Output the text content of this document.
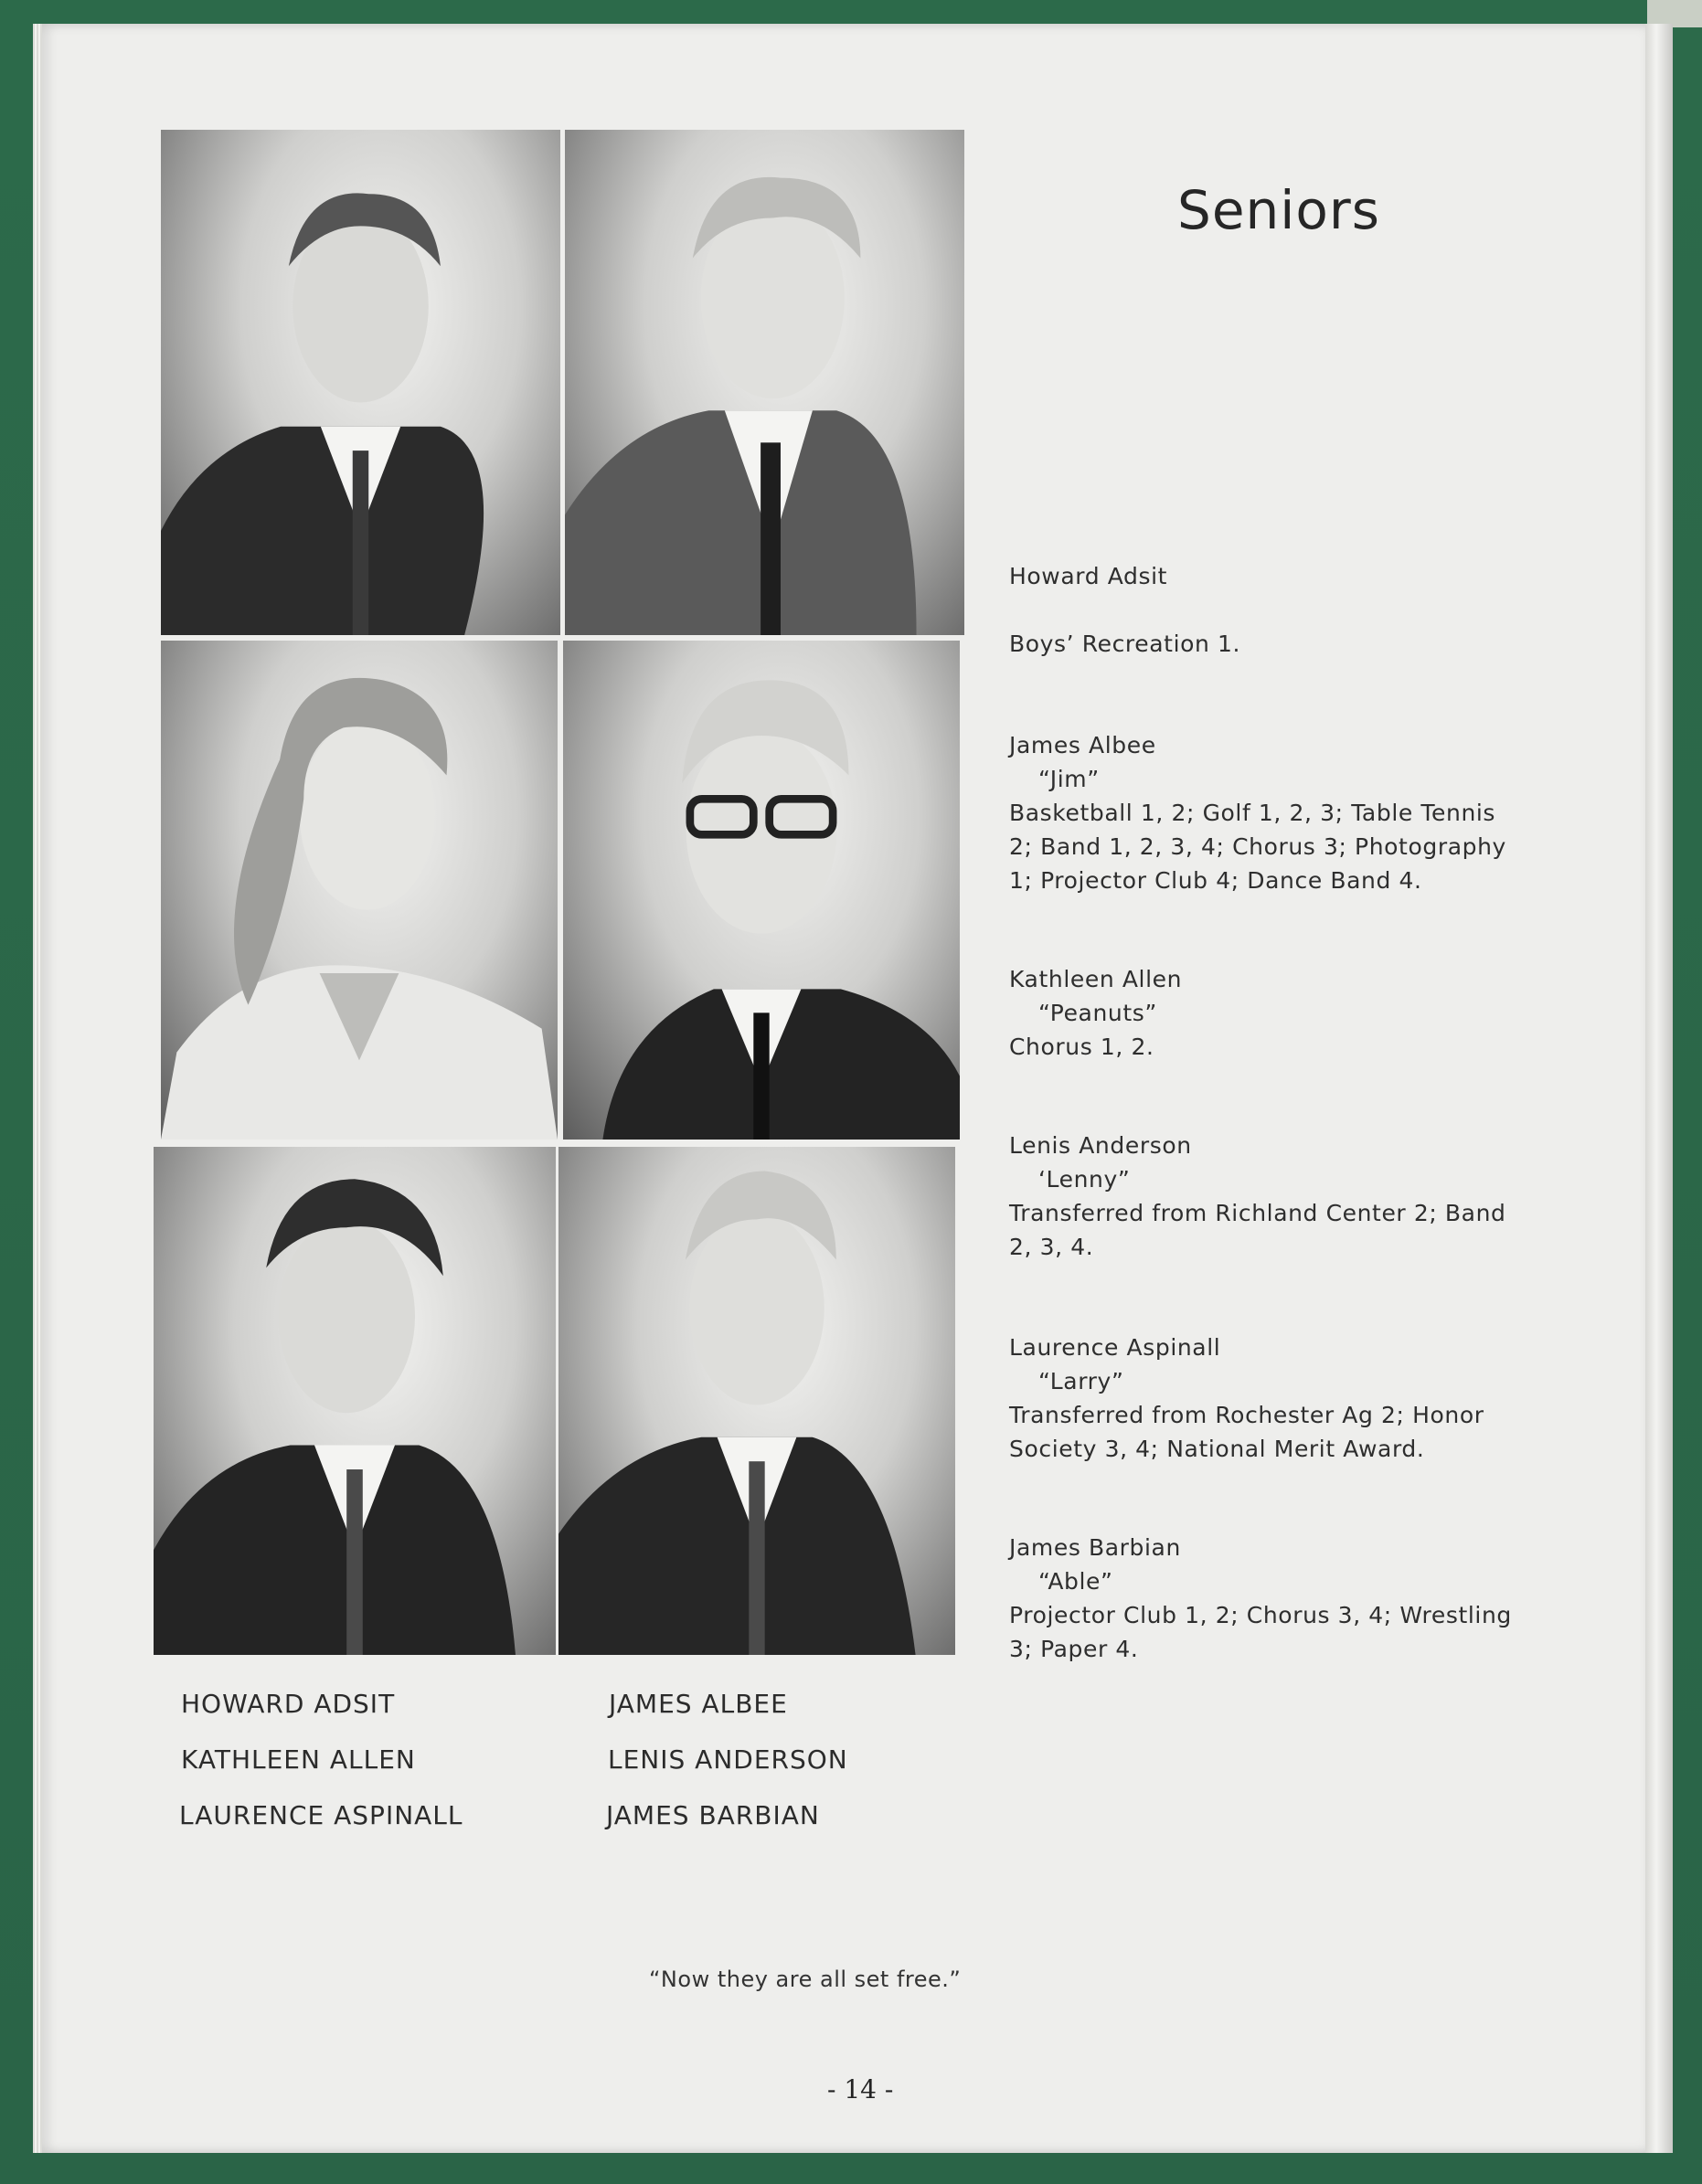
HOWARD ADSIT
KATHLEEN ALLEN
LAURENCE ASPINALL
JAMES ALBEE
LENIS ANDERSON
JAMES BARBIAN
Seniors
Howard Adsit
Boys’ Recreation 1.
James Albee
“Jim”
Basketball 1, 2; Golf 1, 2, 3; Table Tennis 2; Band 1, 2, 3, 4; Chorus 3; Photography 1; Projector Club 4; Dance Band 4.
Kathleen Allen
“Peanuts”
Chorus 1, 2.
Lenis Anderson
‘Lenny”
Transferred from Richland Center 2; Band 2, 3, 4.
Laurence Aspinall
“Larry”
Transferred from Rochester Ag 2; Honor Society 3, 4; National Merit Award.
James Barbian
“Able”
Projector Club 1, 2; Chorus 3, 4; Wrestling 3; Paper 4.
“Now they are all set free.”
- 14 -
